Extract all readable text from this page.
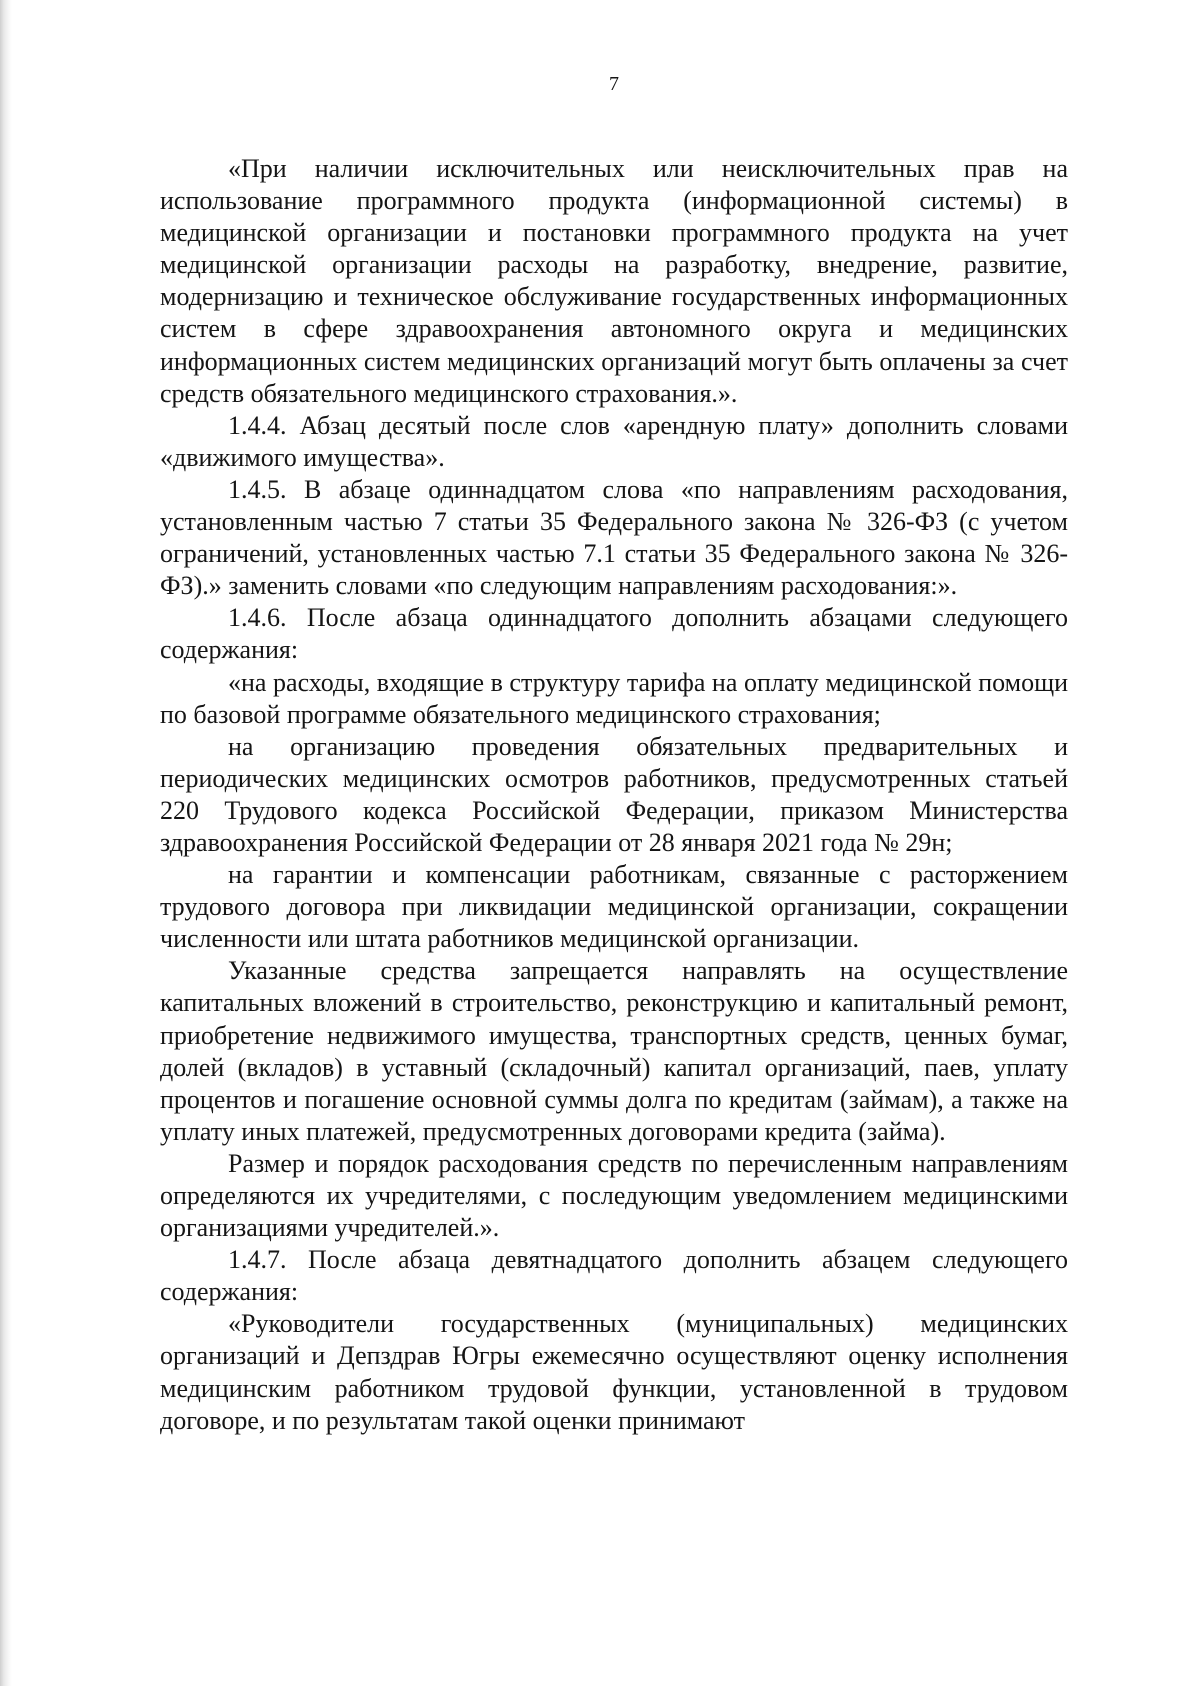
7

«При наличии исключительных или неисключительных прав на использование программного продукта (информационной системы) в медицинской организации и постановки программного продукта на учет медицинской организации расходы на разработку, внедрение, развитие, модернизацию и техническое обслуживание государственных информационных систем в сфере здравоохранения автономного округа и медицинских информационных систем медицинских организаций могут быть оплачены за счет средств обязательного медицинского страхования.».

1.4.4. Абзац десятый после слов «арендную плату» дополнить словами «движимого имущества».

1.4.5. В абзаце одиннадцатом слова «по направлениям расходования, установленным частью 7 статьи 35 Федерального закона № 326-ФЗ (с учетом ограничений, установленных частью 7.1 статьи 35 Федерального закона № 326-ФЗ).» заменить словами «по следующим направлениям расходования:».

1.4.6. После абзаца одиннадцатого дополнить абзацами следующего содержания:

«на расходы, входящие в структуру тарифа на оплату медицинской помощи по базовой программе обязательного медицинского страхования;

на организацию проведения обязательных предварительных и периодических медицинских осмотров работников, предусмотренных статьей 220 Трудового кодекса Российской Федерации, приказом Министерства здравоохранения Российской Федерации от 28 января 2021 года № 29н;

на гарантии и компенсации работникам, связанные с расторжением трудового договора при ликвидации медицинской организации, сокращении численности или штата работников медицинской организации.

Указанные средства запрещается направлять на осуществление капитальных вложений в строительство, реконструкцию и капитальный ремонт, приобретение недвижимого имущества, транспортных средств, ценных бумаг, долей (вкладов) в уставный (складочный) капитал организаций, паев, уплату процентов и погашение основной суммы долга по кредитам (займам), а также на уплату иных платежей, предусмотренных договорами кредита (займа).

Размер и порядок расходования средств по перечисленным направлениям определяются их учредителями, с последующим уведомлением медицинскими организациями учредителей.».

1.4.7. После абзаца девятнадцатого дополнить абзацем следующего содержания:

«Руководители государственных (муниципальных) медицинских организаций и Депздрав Югры ежемесячно осуществляют оценку исполнения медицинским работником трудовой функции, установленной в трудовом договоре, и по результатам такой оценки принимают
